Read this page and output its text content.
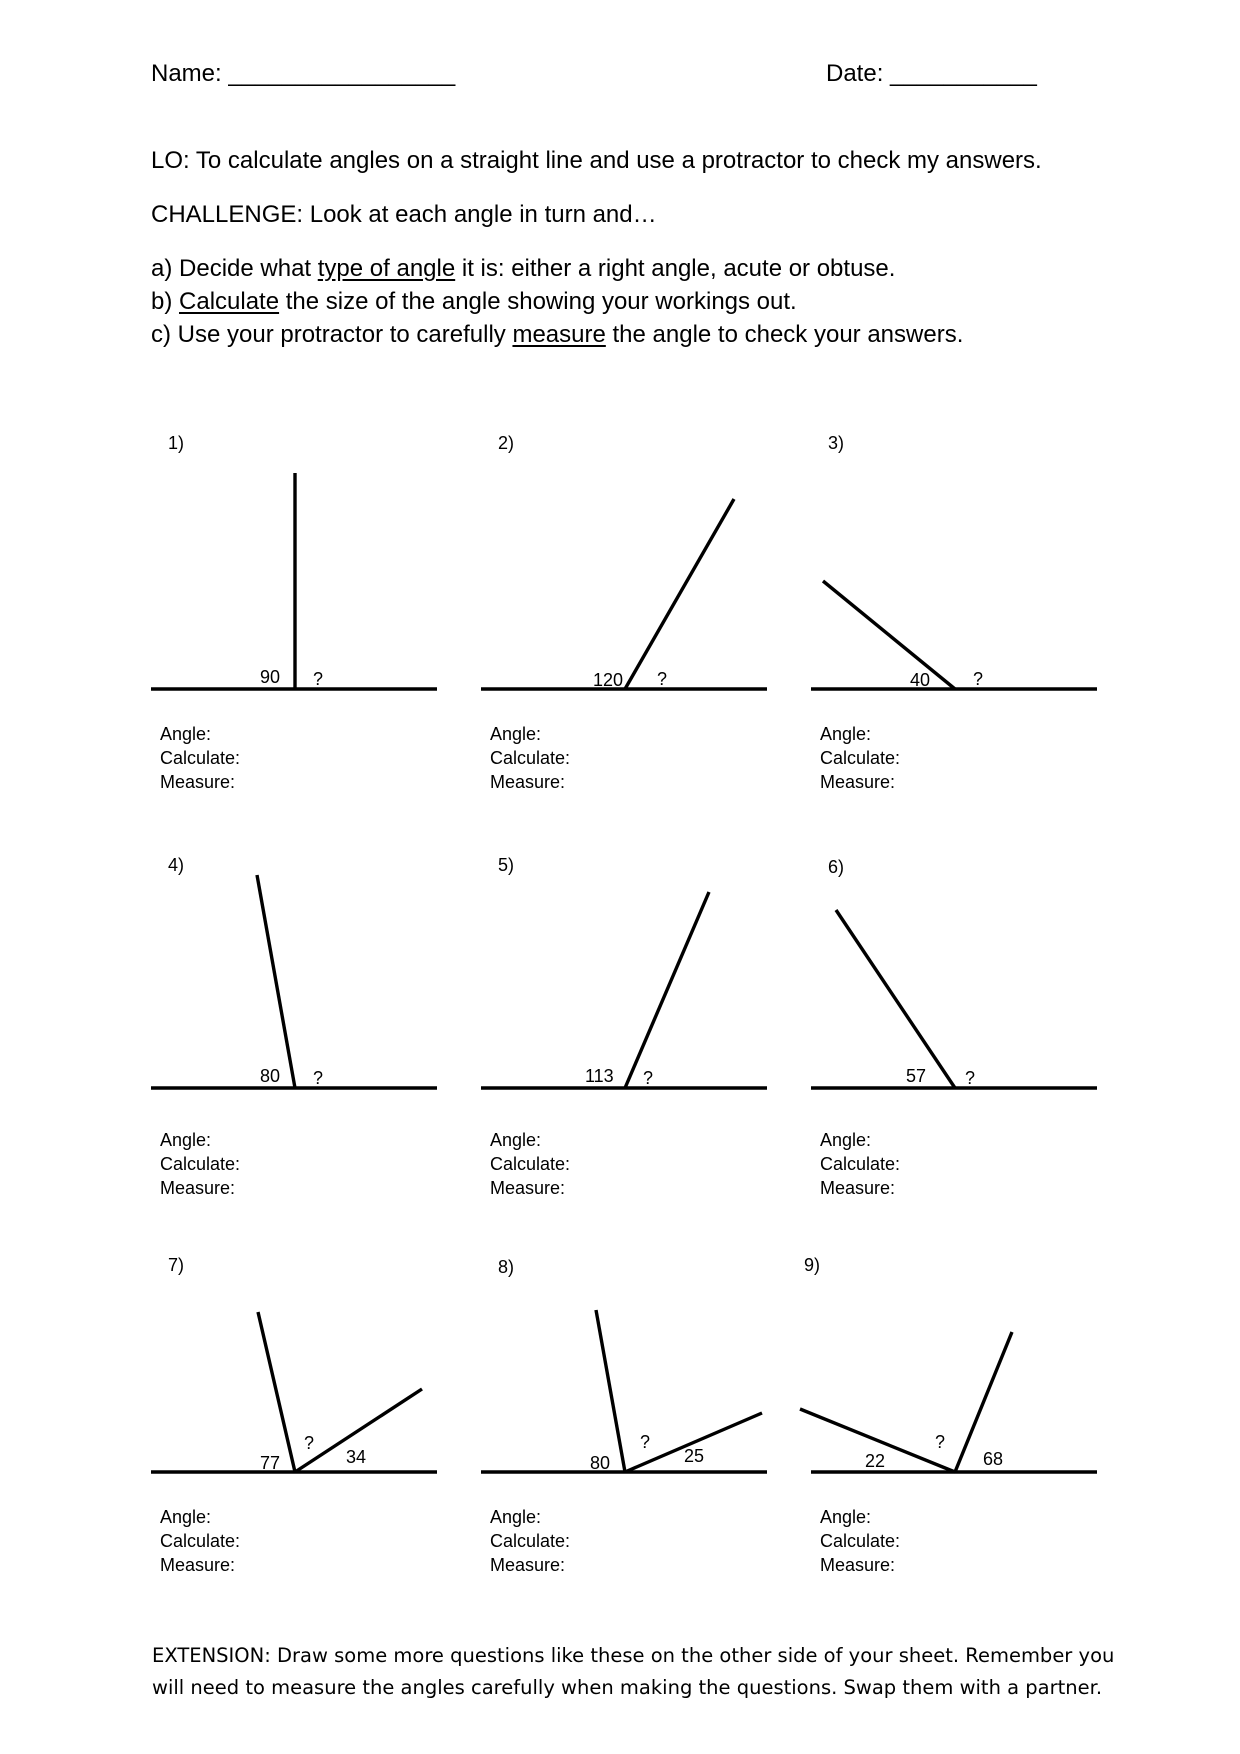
Name: _________________	Date: ___________
LO: To calculate angles on a straight line and use a protractor to check my answers.
CHALLENGE: Look at each angle in turn and…
a) Decide what type of angle it is: either a right angle, acute or obtuse.
b) Calculate the size of the angle showing your workings out.
c) Use your protractor to carefully measure the angle to check your answers.
1)
90 ?
Angle:
Calculate:
Measure:
2)
120 ?
Angle:
Calculate:
Measure:
3)
40 ?
Angle:
Calculate:
Measure:
4)
80 ?
Angle:
Calculate:
Measure:
5)
113 ?
Angle:
Calculate:
Measure:
6)
57 ?
Angle:
Calculate:
Measure:
7)
77	34
?
Angle:
Calculate:
Measure:
8)
80	25
?
Angle:
Calculate:
Measure:
9)
22	68
?
Angle:
Calculate:
Measure:
EXTENSION: Draw some more questions like these on the other side of your sheet. Remember you
will need to measure the angles carefully when making the questions. Swap them with a partner.
